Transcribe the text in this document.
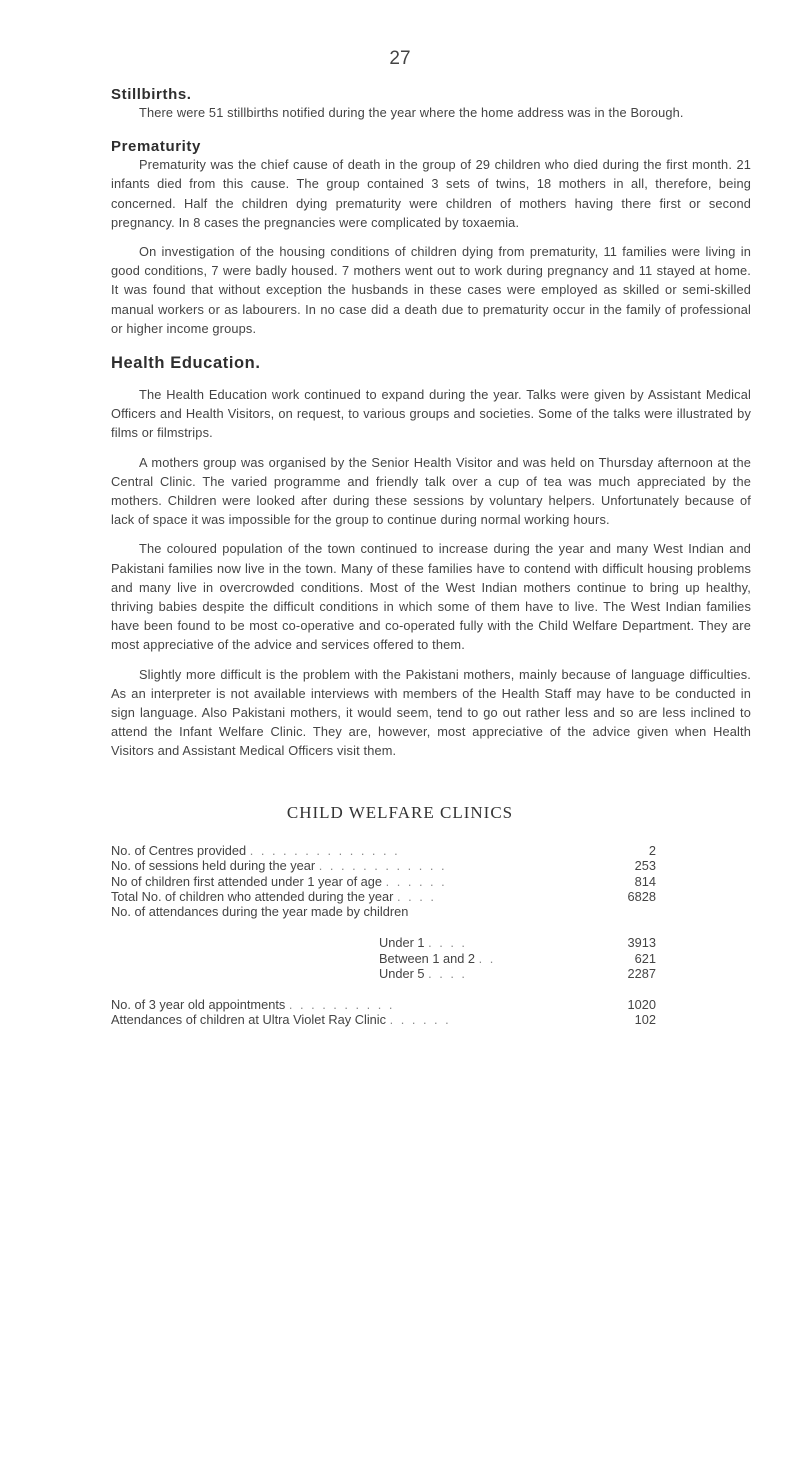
27
Stillbirths.

There were 51 stillbirths notified during the year where the home address was in the Borough.

Prematurity

Prematurity was the chief cause of death in the group of 29 children who died during the first month. 21 infants died from this cause. The group contained 3 sets of twins, 18 mothers in all, therefore, being concerned. Half the children dying prematurity were children of mothers having there first or second pregnancy. In 8 cases the pregnancies were complicated by toxaemia.

On investigation of the housing conditions of children dying from prematurity, 11 families were living in good conditions, 7 were badly housed. 7 mothers went out to work during pregnancy and 11 stayed at home. It was found that without exception the husbands in these cases were employed as skilled or semi-skilled manual workers or as labourers. In no case did a death due to prematurity occur in the family of professional or higher income groups.

Health Education.

The Health Education work continued to expand during the year. Talks were given by Assistant Medical Officers and Health Visitors, on request, to various groups and societies. Some of the talks were illustrated by films or filmstrips.

A mothers group was organised by the Senior Health Visitor and was held on Thursday afternoon at the Central Clinic. The varied programme and friendly talk over a cup of tea was much appreciated by the mothers. Children were looked after during these sessions by voluntary helpers. Unfortunately because of lack of space it was impossible for the group to continue during normal working hours.

The coloured population of the town continued to increase during the year and many West Indian and Pakistani families now live in the town. Many of these families have to contend with difficult housing problems and many live in overcrowded conditions. Most of the West Indian mothers continue to bring up healthy, thriving babies despite the difficult conditions in which some of them have to live. The West Indian families have been found to be most co-operative and co-operated fully with the Child Welfare Department. They are most appreciative of the advice and services offered to them.

Slightly more difficult is the problem with the Pakistani mothers, mainly because of language difficulties. As an interpreter is not available interviews with members of the Health Staff may have to be conducted in sign language. Also Pakistani mothers, it would seem, tend to go out rather less and so are less inclined to attend the Infant Welfare Clinic. They are, however, most appreciative of the advice given when Health Visitors and Assistant Medical Officers visit them.

CHILD WELFARE CLINICS
No. of Centres provided . . . . . . . . . . . . . .	2
No. of sessions held during the year . . . . . . . . . . . .	253
No of children first attended under 1 year of age . . . . . .	814
Total No. of children who attended during the year . . . .	6828
No. of attendances during the year made by children	

Under 1 . . . .	3913
Between 1 and 2 . .	621
Under 5 . . . .	2287

No. of 3 year old appointments . . . . . . . . . .	1020
Attendances of children at Ultra Violet Ray Clinic . . . . . .	102
